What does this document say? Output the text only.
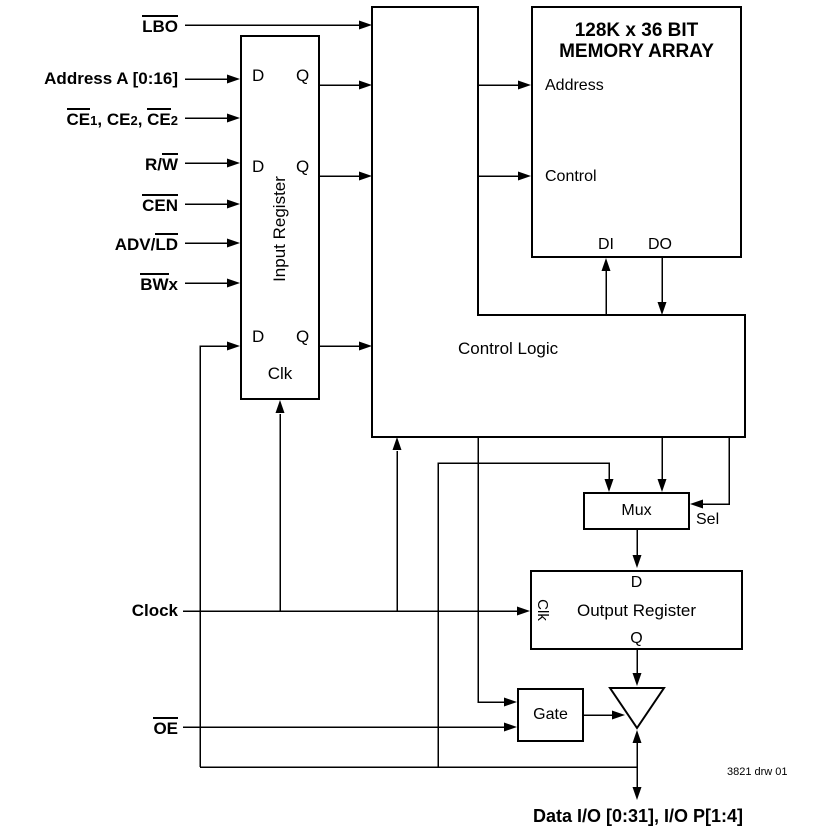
LBO
Address A [0:16]
CE1, CE2, CE2
R/W
CEN
ADV/LD
BWx
Clock
OE
D Q
D Q
D Q
Input Register
Clk
128K x 36 BIT
MEMORY ARRAY
Address
Control
DI	DO
Control Logic
Mux
Sel
D
Output Register
Q
Clk
Gate
Data I/O [0:31], I/O P[1:4]
3821 drw 01
